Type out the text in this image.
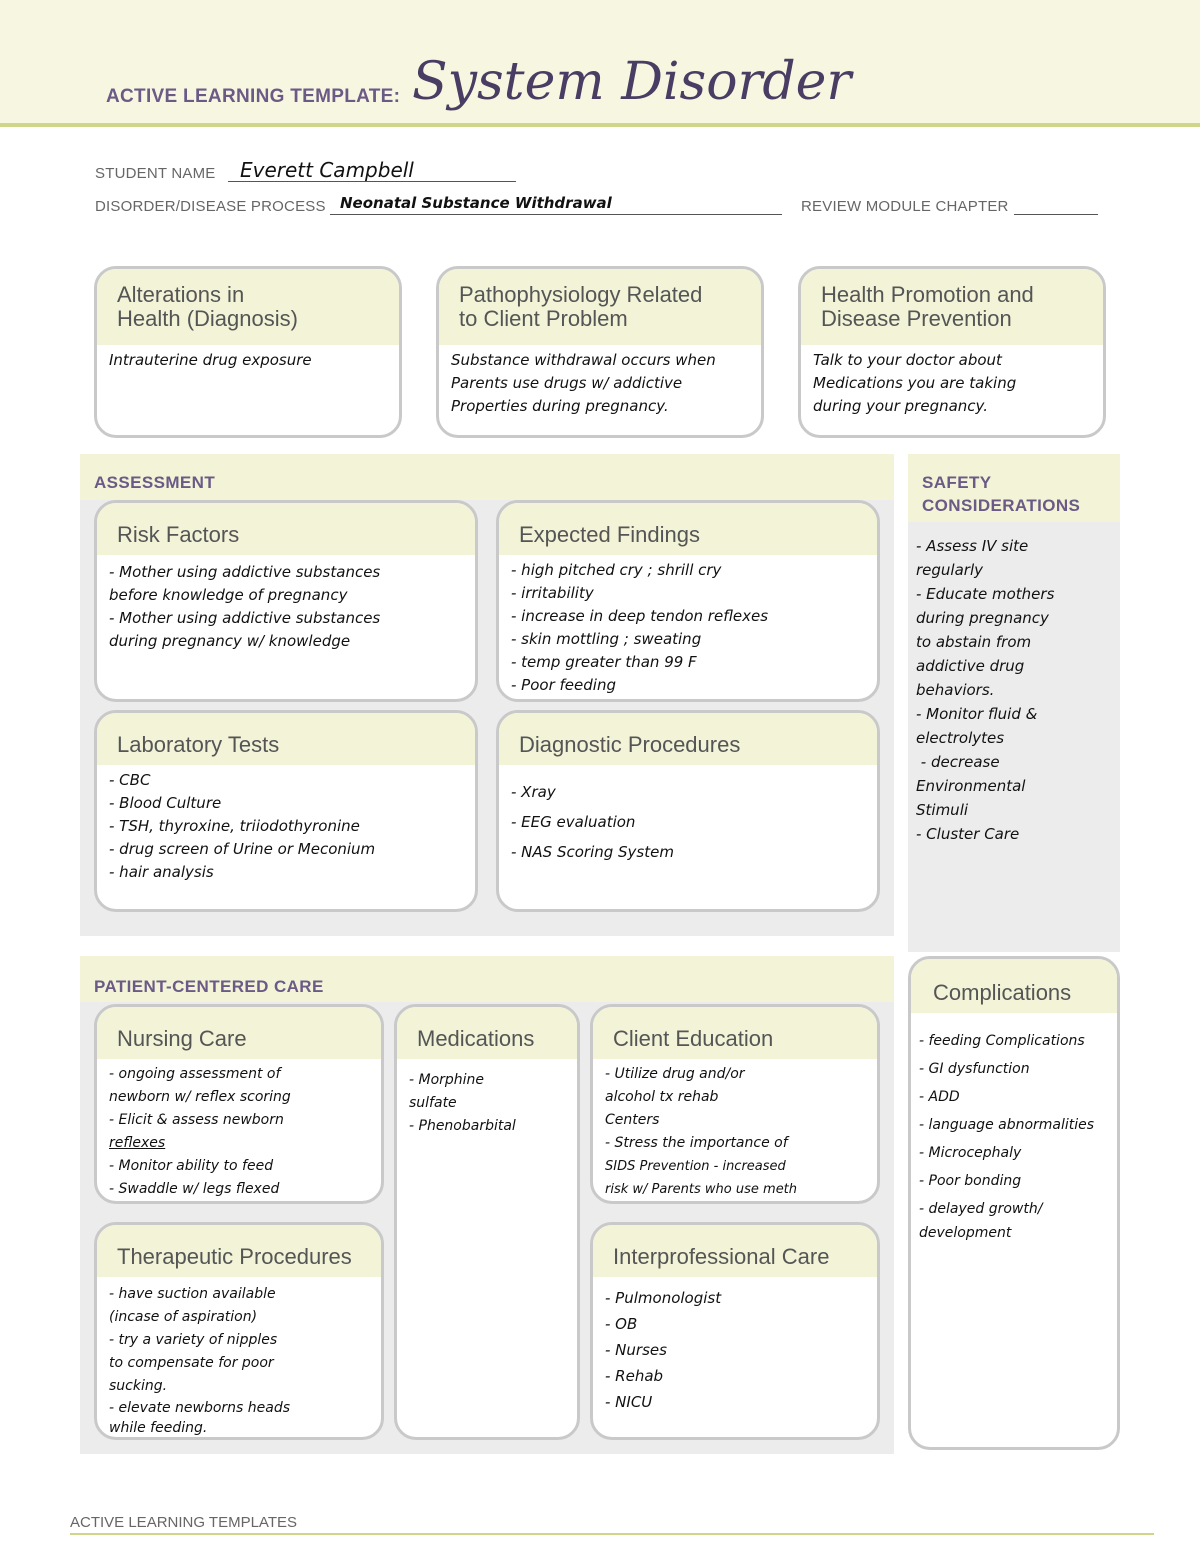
ACTIVE LEARNING TEMPLATE: System Disorder
STUDENT NAME Everett Campbell
DISORDER/DISEASE PROCESS Neonatal Substance Withdrawal	REVIEW MODULE CHAPTER
Alterations in
Health (Diagnosis)
Intrauterine drug exposure
Pathophysiology Related
to Client Problem
Substance withdrawal occurs when
Parents use drugs w/ addictive
Properties during pregnancy.
Health Promotion and
Disease Prevention
Talk to your doctor about
Medications you are taking
during your pregnancy.
ASSESSMENT
Risk Factors
- Mother using addictive substances
before knowledge of pregnancy
- Mother using addictive substances
during pregnancy w/ knowledge
Expected Findings
- high pitched cry ; shrill cry
- irritability
- increase in deep tendon reflexes
- skin mottling ; sweating
- temp greater than 99 F
- Poor feeding
Laboratory Tests
- CBC
- Blood Culture
- TSH, thyroxine, triiodothyronine
- drug screen of Urine or Meconium
- hair analysis
Diagnostic Procedures
- Xray
- EEG evaluation
- NAS Scoring System
SAFETY
CONSIDERATIONS
- Assess IV site
regularly
- Educate mothers
during pregnancy
to abstain from
addictive drug
behaviors.
- Monitor fluid &
electrolytes
- decrease
Environmental
Stimuli
- Cluster Care
PATIENT-CENTERED CARE
Nursing Care
- ongoing assessment of
newborn w/ reflex scoring
- Elicit & assess newborn
reflexes
- Monitor ability to feed
- Swaddle w/ legs flexed
Medications
- Morphine
sulfate
- Phenobarbital
Client Education
- Utilize drug and/or
alcohol tx rehab
Centers
- Stress the importance of
SIDS Prevention - increased
risk w/ Parents who use meth
Therapeutic Procedures
- have suction available
(incase of aspiration)
- try a variety of nipples
to compensate for poor
sucking.
- elevate newborns heads
while feeding.
Interprofessional Care
- Pulmonologist
- OB
- Nurses
- Rehab
- NICU
Complications
- feeding Complications
- GI dysfunction
- ADD
- language abnormalities
- Microcephaly
- Poor bonding
- delayed growth/
development
ACTIVE LEARNING TEMPLATES
